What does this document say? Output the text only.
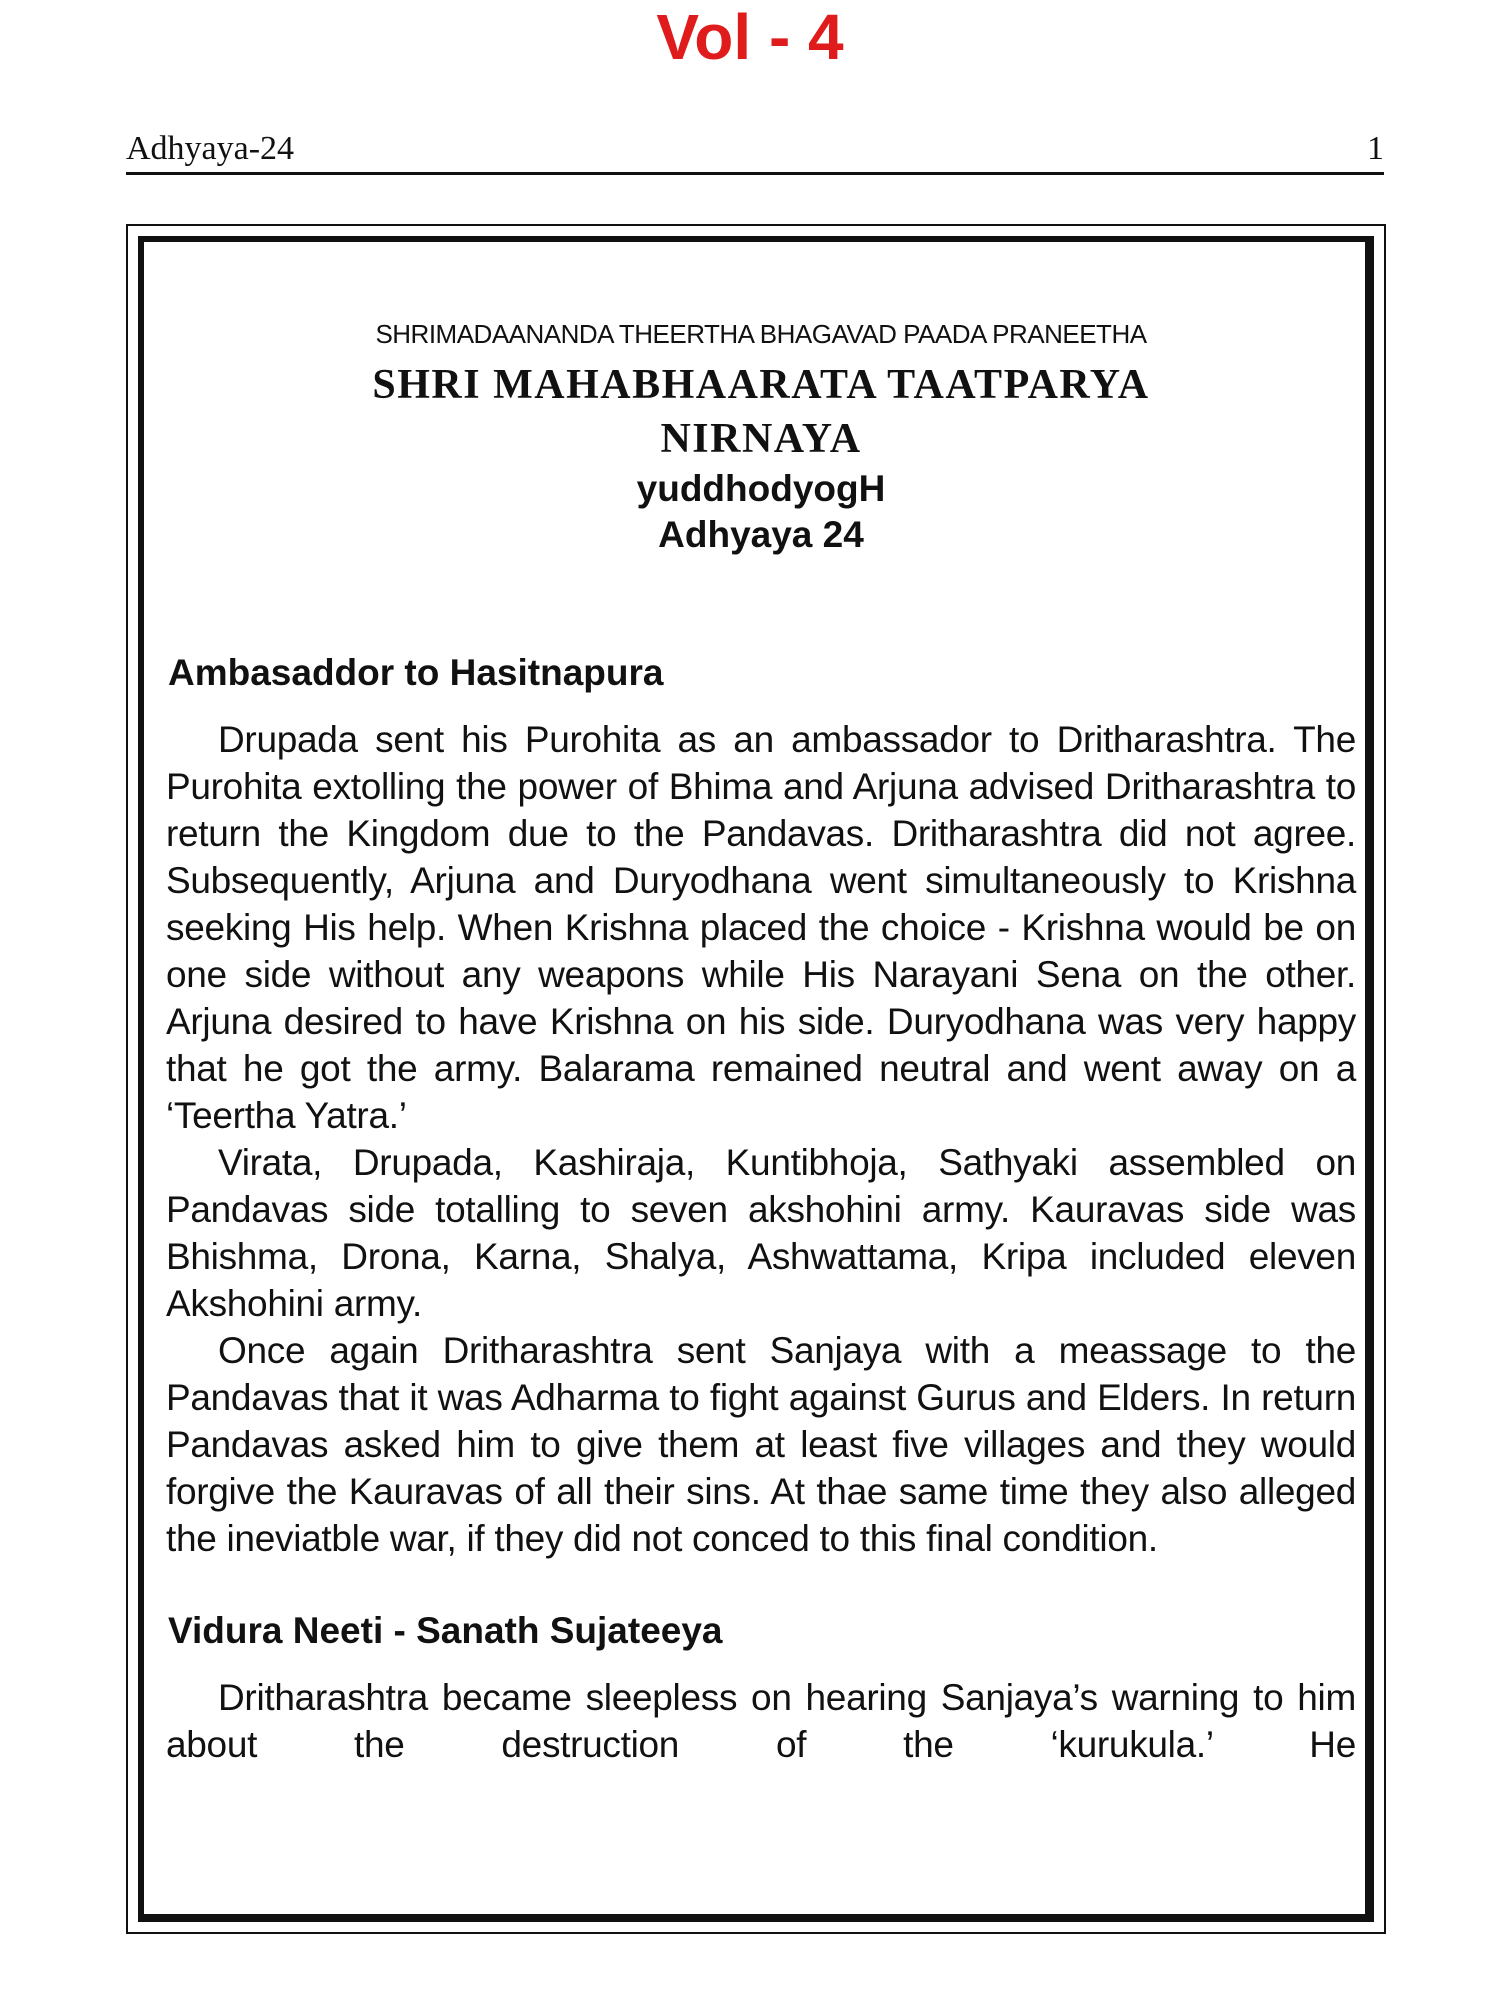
Vol - 4
Adhyaya-24	1

SHRIMADAANANDA THEERTHA BHAGAVAD PAADA PRANEETHA

SHRI MAHABHAARATA TAATPARYA NIRNAYA

yuddhodyogH

Adhyaya 24

Ambasaddor to Hasitnapura

Drupada sent his Purohita as an ambassador to Dritharashtra. The Purohita extolling the power of Bhima and Arjuna advised Dritharashtra to return the Kingdom due to the Pandavas. Dritharashtra did not agree. Subsequently, Arjuna and Duryodhana went simultaneously to Krishna seeking His help. When Krishna placed the choice - Krishna would be on one side without any weapons while His Narayani Sena on the other. Arjuna desired to have Krishna on his side. Duryodhana was very happy that he got the army. Balarama remained neutral and went away on a ‘Teertha Yatra.’

Virata, Drupada, Kashiraja, Kuntibhoja, Sathyaki assembled on Pandavas side totalling to seven akshohini army. Kauravas side was Bhishma, Drona, Karna, Shalya, Ashwattama, Kripa included eleven Akshohini army.

Once again Dritharashtra sent Sanjaya with a meassage to the Pandavas that it was Adharma to fight against Gurus and Elders. In return Pandavas asked him to give them at least five villages and they would forgive the Kauravas of all their sins. At thae same time they also alleged the ineviatble war, if they did not conced to this final condition.

Vidura Neeti - Sanath Sujateeya

Dritharashtra became sleepless on hearing Sanjaya’s warning to him about the destruction of the ‘kurukula.’ He
